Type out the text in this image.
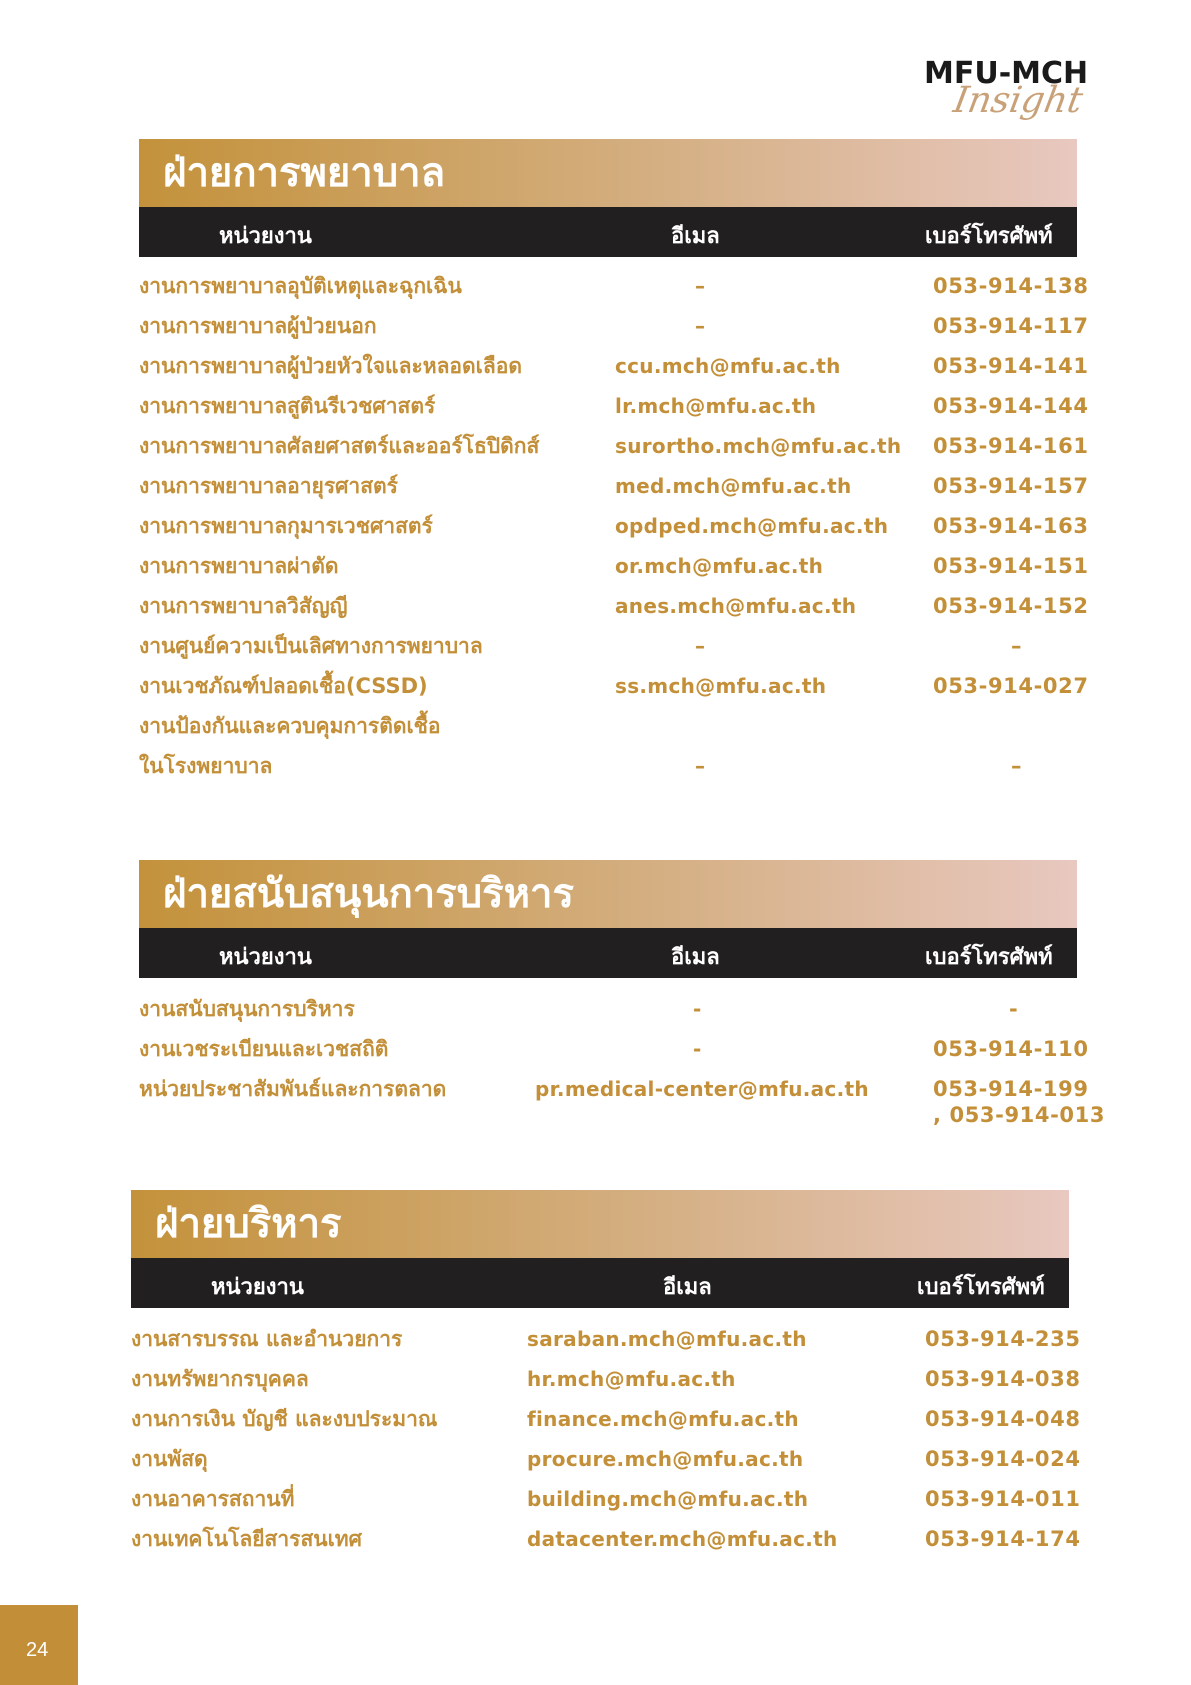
MFU-MCH
Insight
ฝ่ายการพยาบาล
หน่วยงาน	อีเมล	เบอร์โทรศัพท์
งานการพยาบาลอุบัติเหตุและฉุกเฉิน	–	053-914-138
งานการพยาบาลผู้ป่วยนอก	–	053-914-117
งานการพยาบาลผู้ป่วยหัวใจและหลอดเลือด	ccu.mch@mfu.ac.th	053-914-141
งานการพยาบาลสูตินรีเวชศาสตร์	lr.mch@mfu.ac.th	053-914-144
งานการพยาบาลศัลยศาสตร์และออร์โธปิดิกส์	surortho.mch@mfu.ac.th 053-914-161
งานการพยาบาลอายุรศาสตร์	med.mch@mfu.ac.th	053-914-157
งานการพยาบาลกุมารเวชศาสตร์	opdped.mch@mfu.ac.th 053-914-163
งานการพยาบาลผ่าตัด	or.mch@mfu.ac.th	053-914-151
งานการพยาบาลวิสัญญี	anes.mch@mfu.ac.th	053-914-152
งานศูนย์ความเป็นเลิศทางการพยาบาล	–	–
งานเวชภัณฑ์ปลอดเชื้อ(CSSD)	ss.mch@mfu.ac.th	053-914-027
งานป้องกันและควบคุมการติดเชื้อ
ในโรงพยาบาล	–	–
ฝ่ายสนับสนุนการบริหาร
หน่วยงาน	อีเมล	เบอร์โทรศัพท์
งานสนับสนุนการบริหาร	-	-
งานเวชระเบียนและเวชสถิติ	-	053-914-110
หน่วยประชาสัมพันธ์และการตลาด	pr.medical-center@mfu.ac.th	053-914-199
, 053-914-013
ฝ่ายบริหาร
หน่วยงาน	อีเมล	เบอร์โทรศัพท์
งานสารบรรณ และอำนวยการ	saraban.mch@mfu.ac.th	053-914-235
งานทรัพยากรบุคคล	hr.mch@mfu.ac.th	053-914-038
งานการเงิน บัญชี และงบประมาณ	finance.mch@mfu.ac.th	053-914-048
งานพัสดุ	procure.mch@mfu.ac.th	053-914-024
งานอาคารสถานที่	building.mch@mfu.ac.th	053-914-011
งานเทคโนโลยีสารสนเทศ	datacenter.mch@mfu.ac.th	053-914-174
24
